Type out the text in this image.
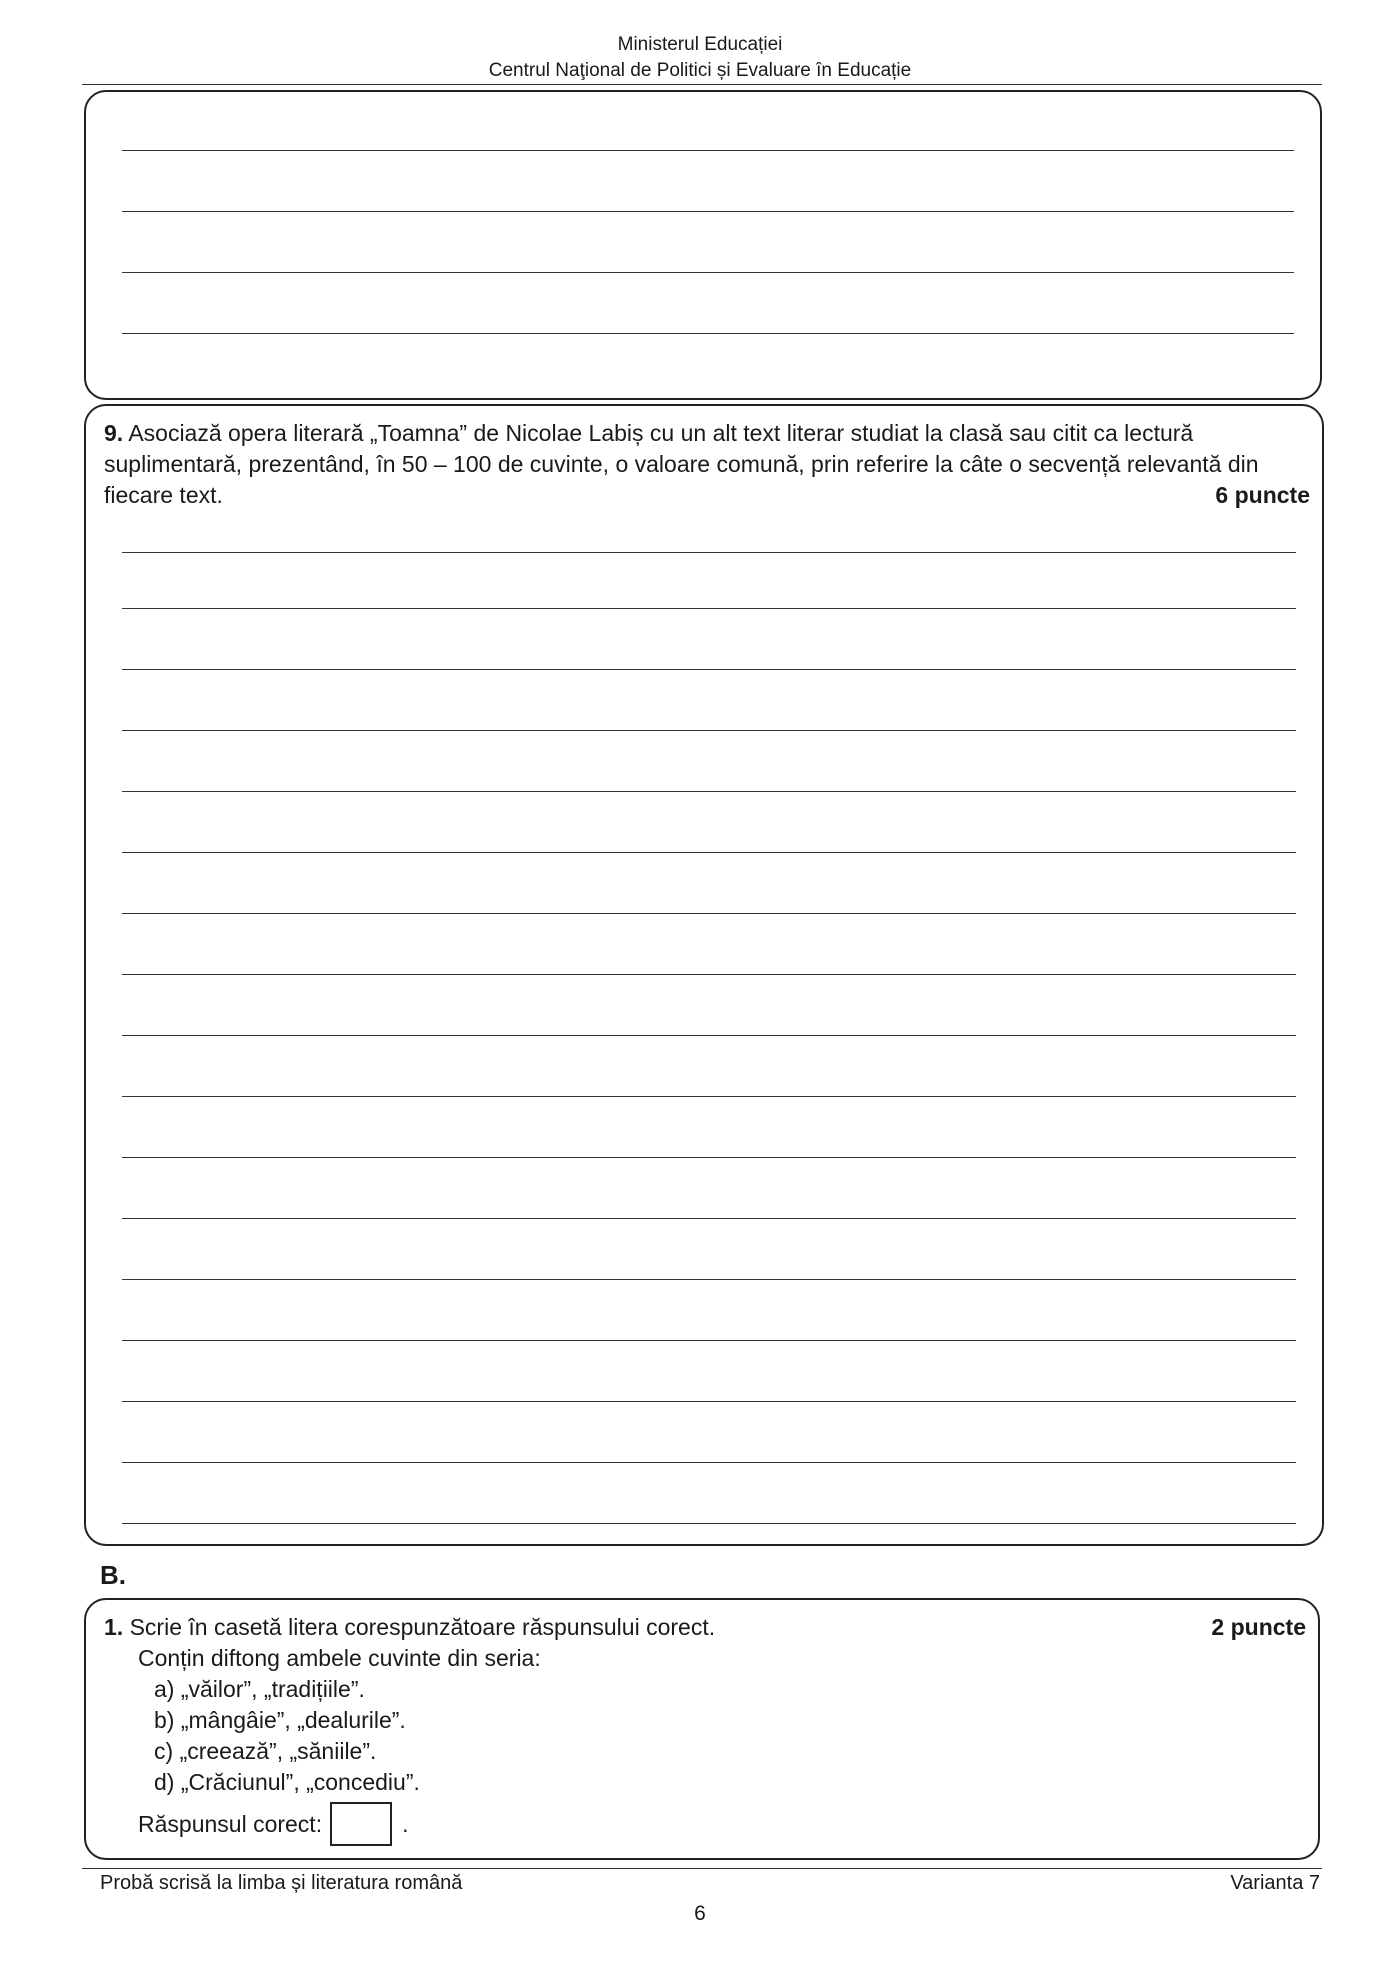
Ministerul Educației
Centrul Naţional de Politici și Evaluare în Educație
9. Asociază opera literară „Toamna” de Nicolae Labiș cu un alt text literar studiat la clasă sau citit ca lectură suplimentară, prezentând, în 50 – 100 de cuvinte, o valoare comună, prin referire la câte o secvență relevantă din fiecare text.	6 puncte
B.
1. Scrie în casetă litera corespunzătoare răspunsului corect.	2 puncte
Conțin diftong ambele cuvinte din seria:
a) „văilor”, „tradițiile”.
b) „mângâie”, „dealurile”.
c) „creează”, „săniile”.
d) „Crăciunul”, „concediu”.
Răspunsul corect:	.
Probă scrisă la limba și literatura română	Varianta 7
6
